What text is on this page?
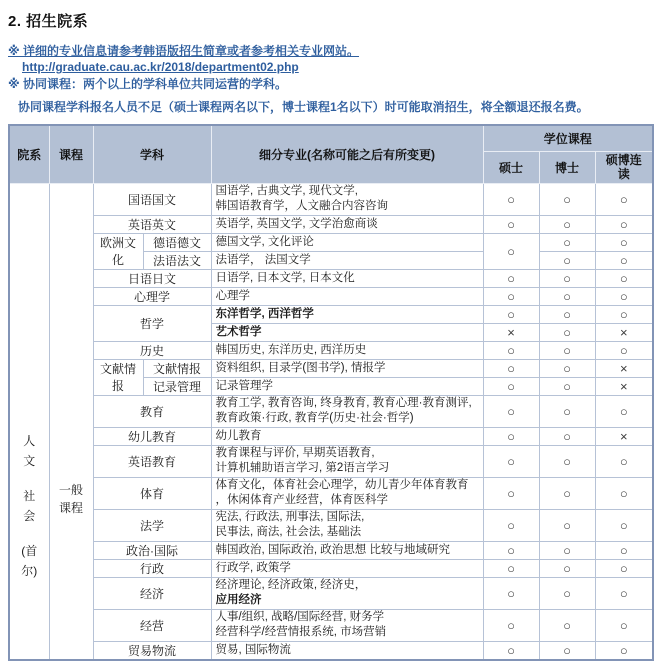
2. 招生院系
※ 详细的专业信息请参考韩语版招生简章或者参考相关专业网站。
http://graduate.cau.ac.kr/2018/department02.php
※ 协同课程：两个以上的学科单位共同运营的学科。
协同课程学科报名人员不足（硕士课程两名以下，博士课程1名以下）时可能取消招生，将全额退还报名费。
院系	课程	学科		细分专业(名称可能之后有所变更)	学位课程		
					硕士	博士	硕博连读

人
文
社
会
(首尔)

一般
课程
	国语国文	
国语学, 古典文学, 现代文学,
韩国语教育学，人文融合内容咨询	○	○	○
		英语英文		英语学, 英国文学, 文学治愈商谈	○	○	○
		欧洲文化	德语德文	德国文学, 文化评论	○	○	○
			法语法文	法语学， 法国文学		○	○
		日语日文		日语学, 日本文学, 日本文化	○	○	○
		心理学		心理学	○	○	○
		哲学		东洋哲学, 西洋哲学	○	○	○

				艺术哲学	×	○	×
		历史		韩国历史, 东洋历史, 西洋历史	○	○	○
		文献情报	文献情报	资料组织, 目录学(图书学), 情报学	○	○	×
			记录管理	记录管理学	○	○	×
		教育		教育工学, 教育咨询, 终身教育, 教育心理·教育测评,
教育政策·行政, 教育学(历史·社会·哲学)	○	○	○
		幼儿教育		幼儿教育	○	○	×
		英语教育		教育课程与评价, 早期英语教育,
计算机辅助语言学习, 第2语言学习	○	○	○
		体育		体育文化，体育社会心理学，幼儿青少年体育教育
，休闲体育产业经营，体育医科学	○	○	○
		法学		宪法, 行政法, 刑事法, 国际法,
民事法, 商法, 社会法, 基础法	○	○	○
		政治·国际		韩国政治, 国际政治, 政治思想 比较与地域研究	○	○	○
		行政		行政学, 政策学	○	○	○
		经济		经济理论, 经济政策, 经济史，
应用经济	○	○	○
		经营		人事/组织, 战略/国际经营, 财务学
经营科学/经营情报系统, 市场营销	○	○	○
		贸易物流		贸易, 国际物流	○	○	○
